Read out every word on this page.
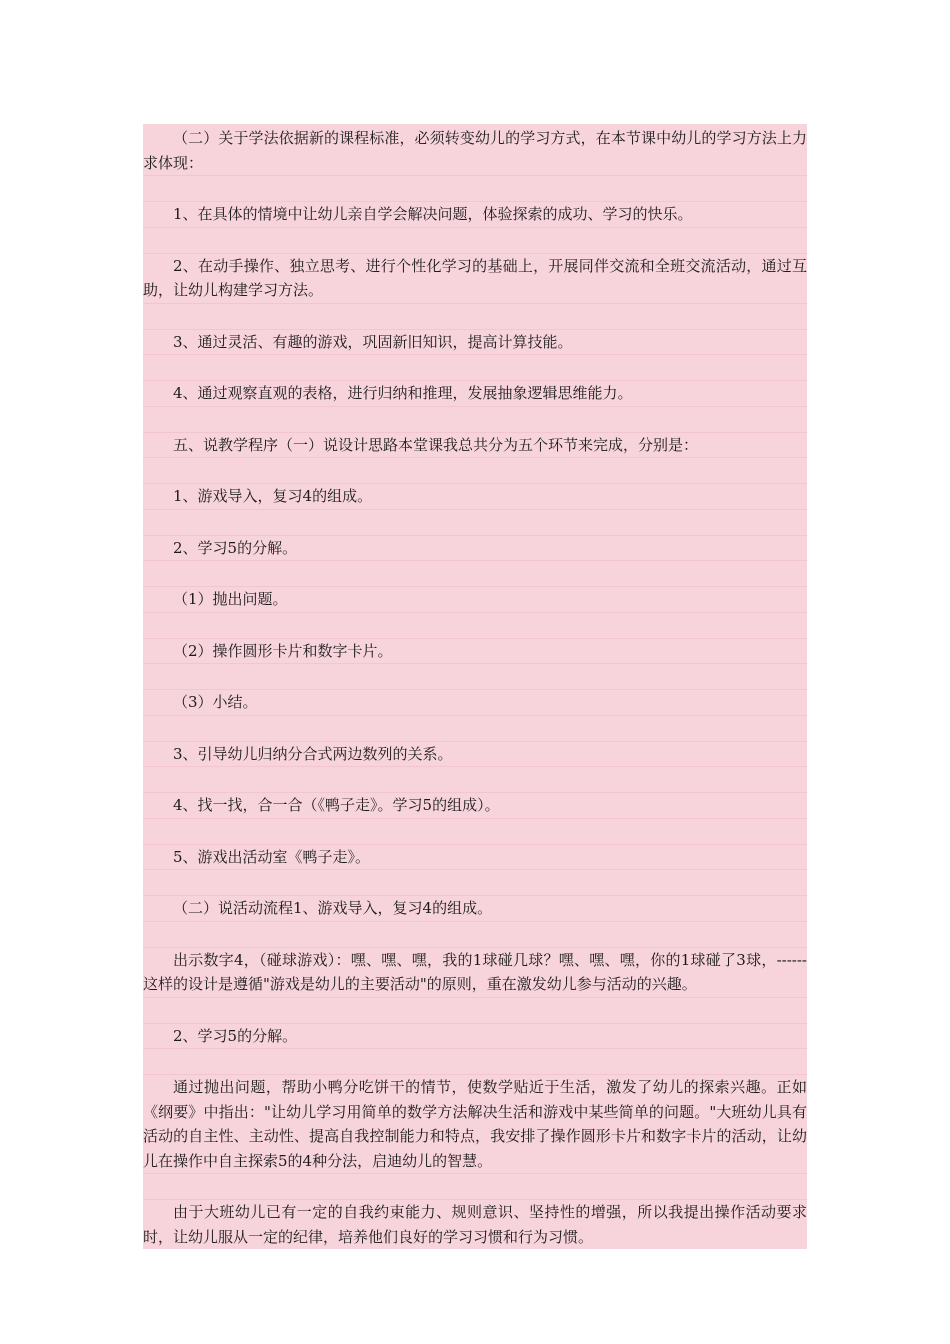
（二）关于学法依据新的课程标准，必须转变幼儿的学习方式，在本节课中幼儿的学习方法上力求体现：

1、在具体的情境中让幼儿亲自学会解决问题，体验探索的成功、学习的快乐。

2、在动手操作、独立思考、进行个性化学习的基础上，开展同伴交流和全班交流活动，通过互助，让幼儿构建学习方法。

3、通过灵活、有趣的游戏，巩固新旧知识，提高计算技能。

4、通过观察直观的表格，进行归纳和推理，发展抽象逻辑思维能力。

五、说教学程序（一）说设计思路本堂课我总共分为五个环节来完成，分别是：

1、游戏导入，复习4的组成。

2、学习5的分解。

（1）抛出问题。

（2）操作圆形卡片和数字卡片。

（3）小结。

3、引导幼儿归纳分合式两边数列的关系。

4、找一找，合一合（《鸭子走》。学习5的组成）。

5、游戏出活动室《鸭子走》。

（二）说活动流程1、游戏导入，复习4的组成。

出示数字4，（碰球游戏）：嘿、嘿、嘿，我的1球碰几球？嘿、嘿、嘿，你的1球碰了3球，------这样的设计是遵循"游戏是幼儿的主要活动"的原则，重在激发幼儿参与活动的兴趣。

2、学习5的分解。

通过抛出问题，帮助小鸭分吃饼干的情节，使数学贴近于生活，激发了幼儿的探索兴趣。正如《纲要》中指出："让幼儿学习用简单的数学方法解决生活和游戏中某些简单的问题。"大班幼儿具有活动的自主性、主动性、提高自我控制能力和特点，我安排了操作圆形卡片和数字卡片的活动，让幼儿在操作中自主探索5的4种分法，启迪幼儿的智慧。

由于大班幼儿已有一定的自我约束能力、规则意识、坚持性的增强，所以我提出操作活动要求时，让幼儿服从一定的纪律，培养他们良好的学习习惯和行为习惯。
